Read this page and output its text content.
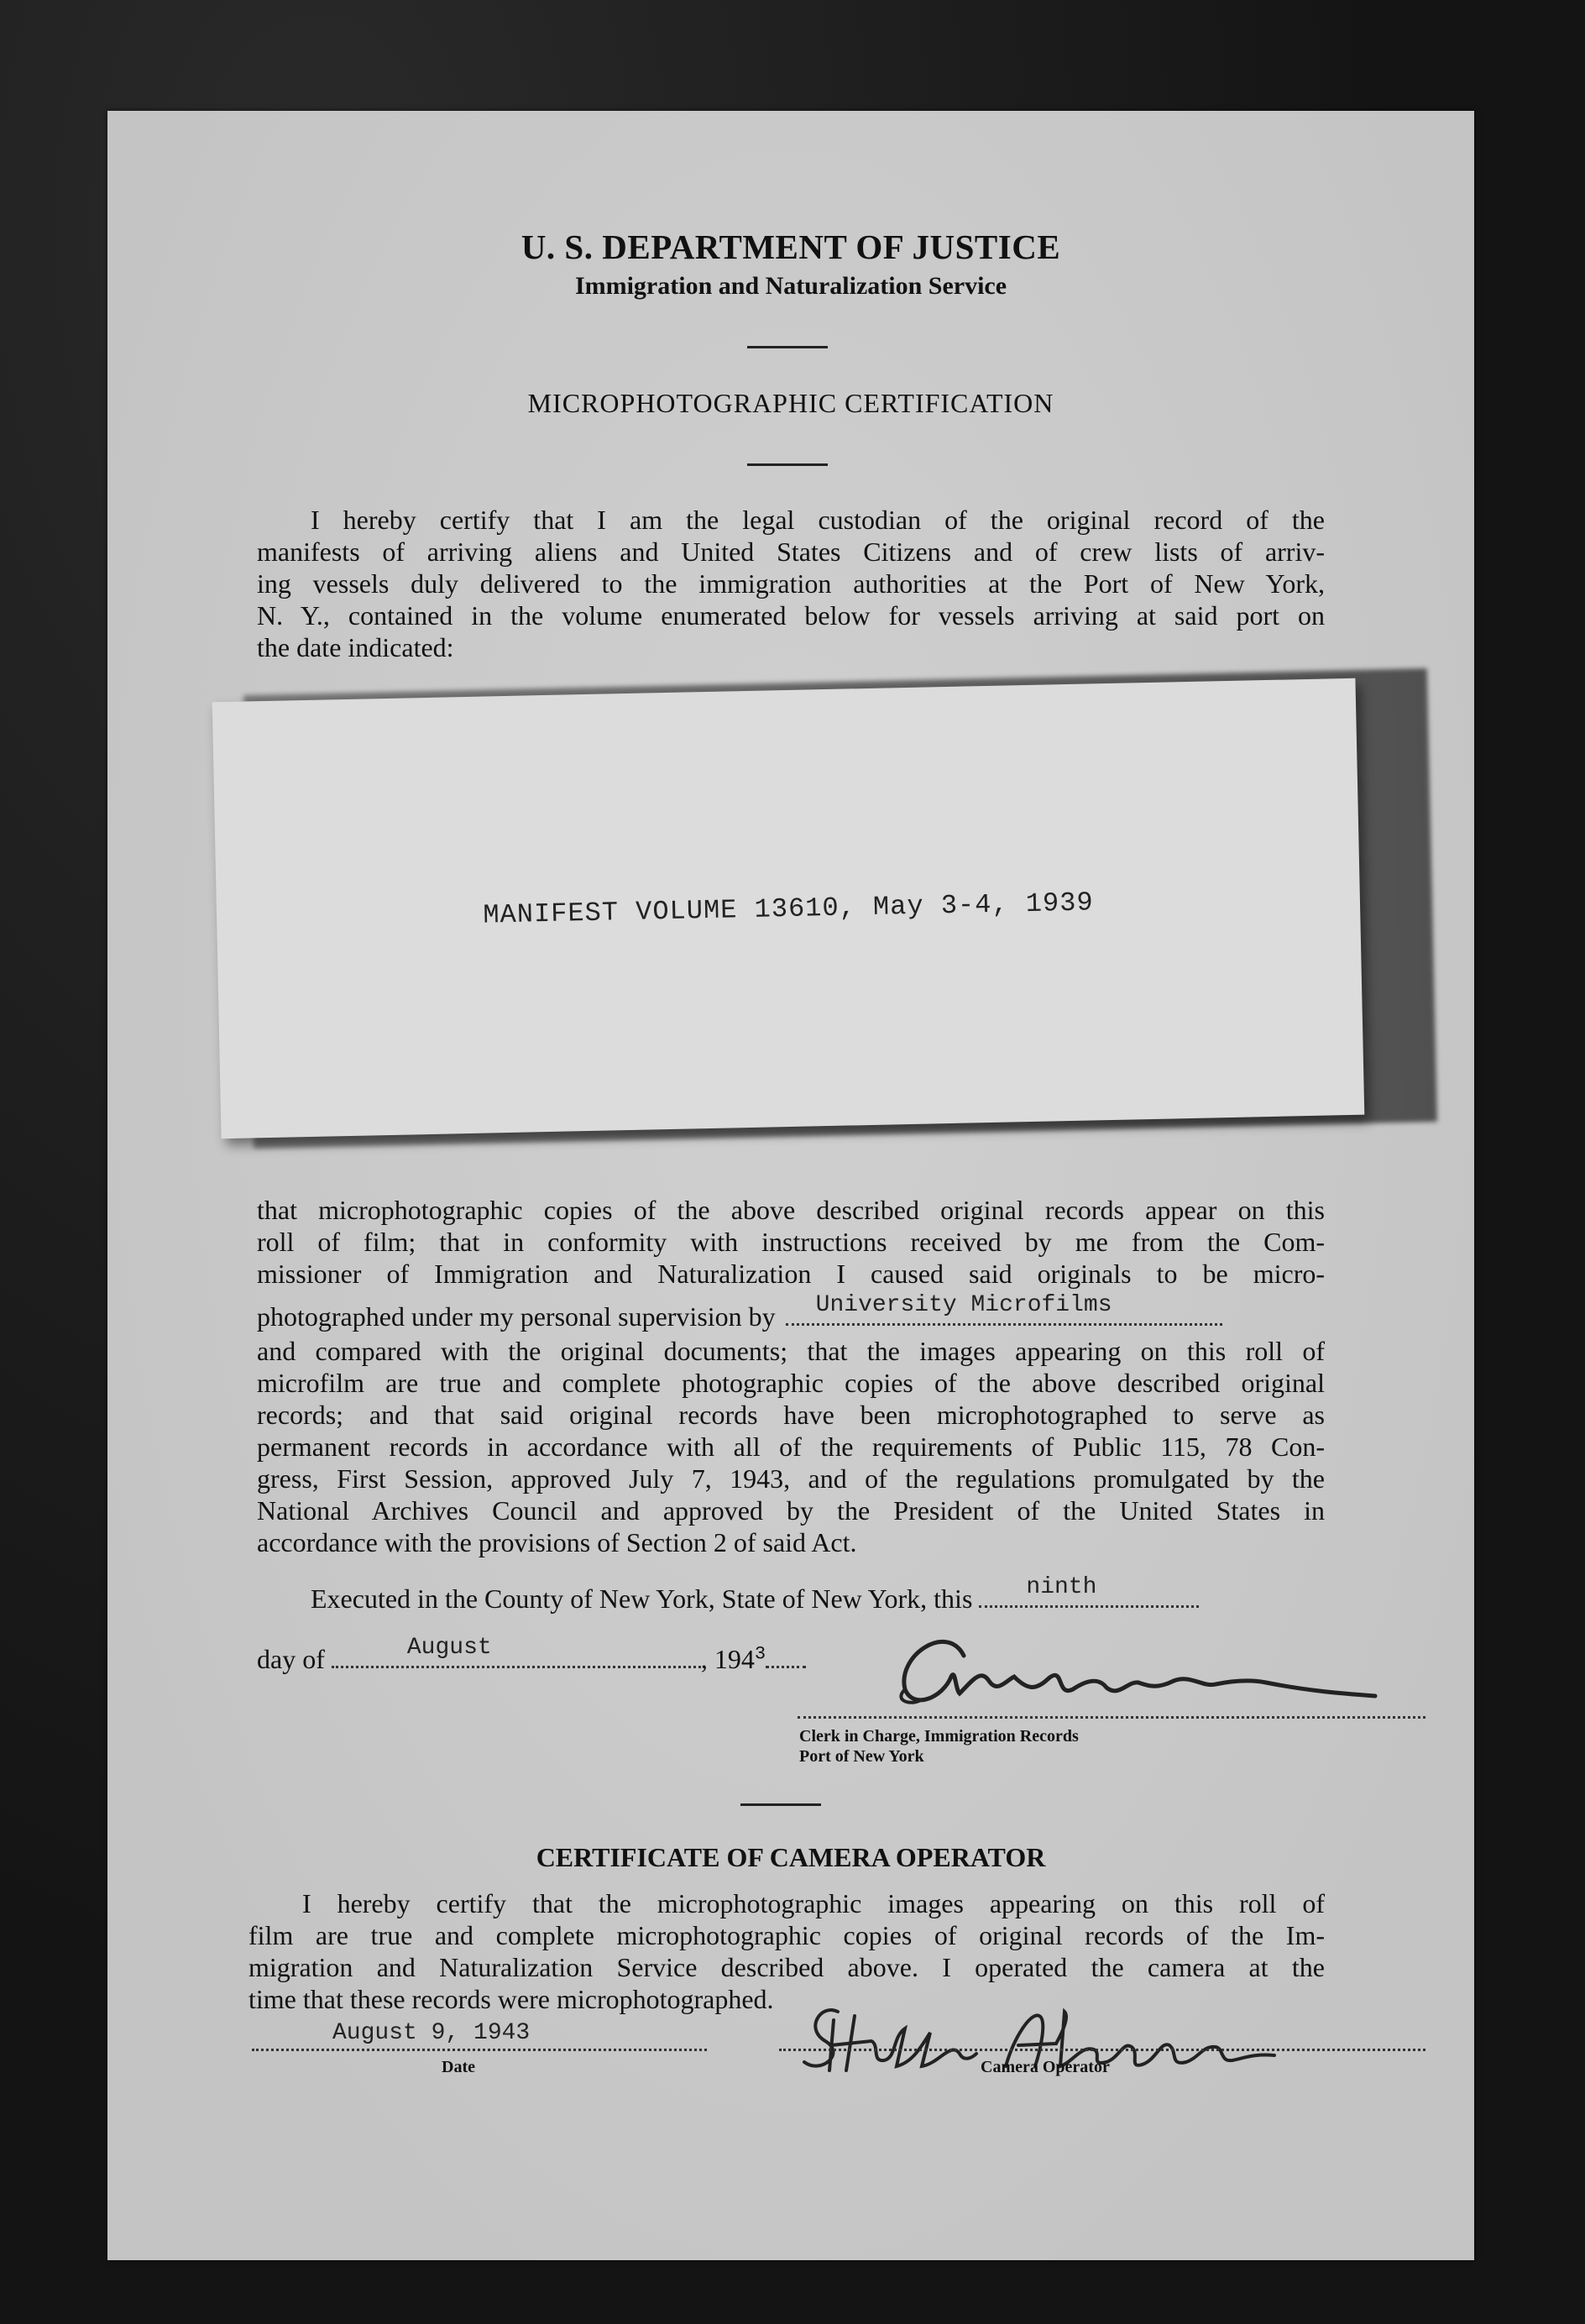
U. S. DEPARTMENT OF JUSTICE
Immigration and Naturalization Service
MICROPHOTOGRAPHIC CERTIFICATION
I hereby certify that I am the legal custodian of the original record of the
manifests of arriving aliens and United States Citizens and of crew lists of arriv-
ing vessels duly delivered to the immigration authorities at the Port of New York,
N. Y., contained in the volume enumerated below for vessels arriving at said port on
the date indicated:
MANIFEST VOLUME 13610, May 3-4, 1939
that microphotographic copies of the above described original records appear on this
roll of film; that in conformity with instructions received by me from the Com-
missioner of Immigration and Naturalization I caused said originals to be micro-
photographed under my personal supervision by University Microfilms
and compared with the original documents; that the images appearing on this roll of
microfilm are true and complete photographic copies of the above described original
records; and that said original records have been microphotographed to serve as
permanent records in accordance with all of the requirements of Public 115, 78 Con-
gress, First Session, approved July 7, 1943, and of the regulations promulgated by the
National Archives Council and approved by the President of the United States in
accordance with the provisions of Section 2 of said Act.
Executed in the County of New York, State of New York, this ninth
day of	August	, $194^3$
Clerk in Charge, Immigration Records
Port of New York
CERTIFICATE OF CAMERA OPERATOR
I hereby certify that the microphotographic images appearing on this roll of
film are true and complete microphotographic copies of original records of the Im-
migration and Naturalization Service described above. I operated the camera at the
time that these records were microphotographed.
August 9, 1943
Date	Camera Operator
